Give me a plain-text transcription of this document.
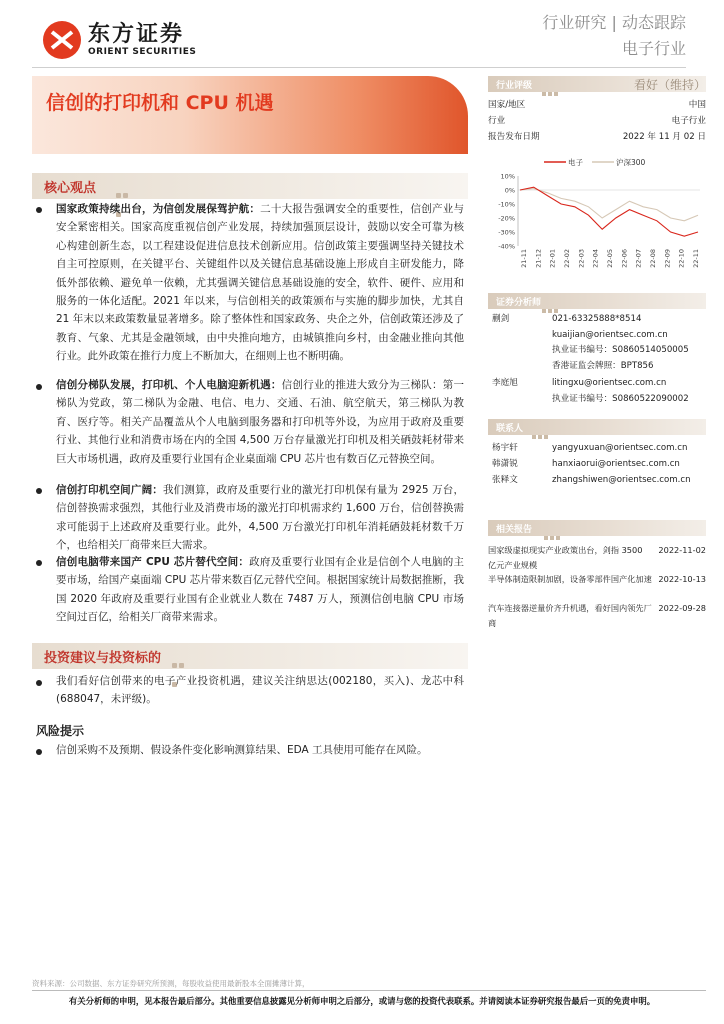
东方证券
ORIENT SECURITIES
行业研究 | 动态跟踪
电子行业
信创的打印机和 CPU 机遇
核心观点
国家政策持续出台，为信创发展保驾护航：二十大报告强调安全的重要性，信创产业与安全紧密相关。国家高度重视信创产业发展，持续加强顶层设计，鼓励以安全可靠为核心构建创新生态，以工程建设促进信息技术创新应用。信创政策主要强调坚持关键技术自主可控原则，在关键平台、关键组件以及关键信息基础设施上形成自主研发能力，降低外部依赖、避免单一依赖，尤其强调关键信息基础设施的安全，软件、硬件、应用和服务的一体化适配。2021 年以来，与信创相关的政策颁布与实施的脚步加快，尤其自 21 年末以来政策数量显著增多。除了整体性和国家政务、央企之外，信创政策还涉及了教育、气象、尤其是金融领域，由中央推向地方，由城镇推向乡村，由金融业推向其他行业。此外政策在推行力度上不断加大，在细则上也不断明确。
信创分梯队发展，打印机、个人电脑迎新机遇：信创行业的推进大致分为三梯队：第一梯队为党政，第二梯队为金融、电信、电力、交通、石油、航空航天，第三梯队为教育、医疗等。相关产品覆盖从个人电脑到服务器和打印机等外设，为应用于政府及重要行业、其他行业和消费市场在内的全国 4,500 万台存量激光打印机及相关硒鼓耗材带来巨大市场机遇，政府及重要行业国有企业桌面端 CPU 芯片也有数百亿元替换空间。
信创打印机空间广阔：我们测算，政府及重要行业的激光打印机保有量为 2925 万台，信创替换需求强烈，其他行业及消费市场的激光打印机需求约 1,600 万台，信创替换需求可能弱于上述政府及重要行业。此外，4,500 万台激光打印机年消耗硒鼓耗材数千万个，也给相关厂商带来巨大需求。
信创电脑带来国产 CPU 芯片替代空间：政府及重要行业国有企业是信创个人电脑的主要市场，给国产桌面端 CPU 芯片带来数百亿元替代空间。根据国家统计局数据推断，我国 2020 年政府及重要行业国有企业就业人数在 7487 万人，预测信创电脑 CPU 市场空间过百亿，给相关厂商带来需求。
投资建议与投资标的
我们看好信创带来的电子产业投资机遇，建议关注纳思达(002180，买入)、龙芯中科(688047，未评级)。
风险提示
信创采购不及预期、假设条件变化影响测算结果、EDA 工具使用可能存在风险。
行业评级	看好（维持）
国家/地区	中国
行业	电子行业
报告发布日期	2022 年 11 月 02 日
电子	沪深300
10%
0%
-10%
-20%
-30%
-40%
21-11 21-12 22-01 22-02 22-03 22-04 22-05 22-06 22-07 22-08 22-09 22-10 22-11
证券分析师
蒯剑	021-63325888*8514
kuaijian@orientsec.com.cn
执业证书编号：S0860514050005
香港证监会牌照：BPT856
李庭旭	litingxu@orientsec.com.cn
执业证书编号：S0860522090002
联系人
杨宇轩	yangyuxuan@orientsec.com.cn
韩潇锐	hanxiaorui@orientsec.com.cn
张释文	zhangshiwen@orientsec.com.cn
相关报告
国家级虚拟现实产业政策出台，剑指 3500 亿元产业规模
2022-11-02
半导体制造限制加剧，设备零部件国产化加速 2022-10-13
汽车连接器逆量价齐升机遇，看好国内领先厂商
2022-09-28
资料来源：公司数据、东方证券研究所预测，每股收益使用最新股本全面摊薄计算，
有关分析师的申明，见本报告最后部分。其他重要信息披露见分析师申明之后部分，或请与您的投资代表联系。并请阅读本证券研究报告最后一页的免责申明。
